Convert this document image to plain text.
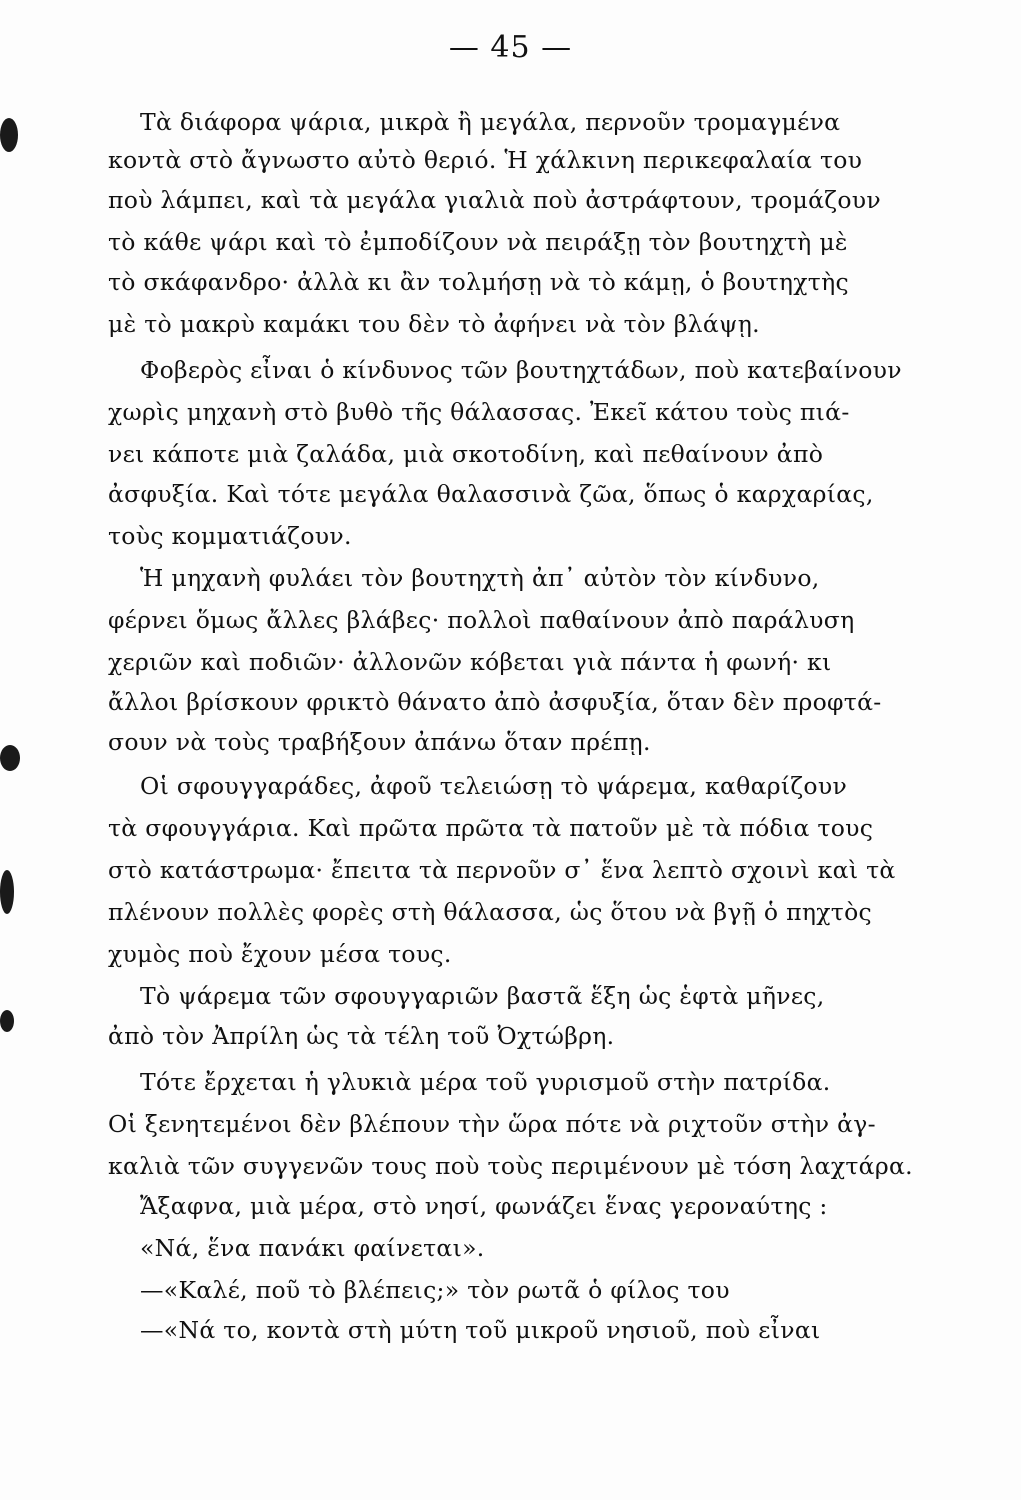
— 45 —
Τὰ διάφορα ψάρια, μικρὰ ἢ μεγάλα, περνοῦν τρομαγμένα
κοντὰ στὸ ἄγνωστο αὐτὸ θεριό. Ἡ χάλκινη περικεφαλαία του
ποὺ λάμπει, καὶ τὰ μεγάλα γιαλιὰ ποὺ ἀστράφτουν, τρομάζουν
τὸ κάθε ψάρι καὶ τὸ ἐμποδίζουν νὰ πειράξῃ τὸν βουτηχτὴ μὲ
τὸ σκάφανδρο· ἀλλὰ κι ἂν τολμήσῃ νὰ τὸ κάμῃ, ὁ βουτηχτὴς
μὲ τὸ μακρὺ καμάκι του δὲν τὸ ἀφήνει νὰ τὸν βλάψῃ.
Φοβερὸς εἶναι ὁ κίνδυνος τῶν βουτηχτάδων, ποὺ κατεβαίνουν
χωρὶς μηχανὴ στὸ βυθὸ τῆς θάλασσας. Ἐκεῖ κάτου τοὺς πιά-
νει κάποτε μιὰ ζαλάδα, μιὰ σκοτοδίνη, καὶ πεθαίνουν ἀπὸ
ἀσφυξία. Καὶ τότε μεγάλα θαλασσινὰ ζῶα, ὅπως ὁ καρχαρίας,
τοὺς κομματιάζουν.
Ἡ μηχανὴ φυλάει τὸν βουτηχτὴ ἀπ᾽ αὐτὸν τὸν κίνδυνο,
φέρνει ὅμως ἄλλες βλάβες· πολλοὶ παθαίνουν ἀπὸ παράλυση
χεριῶν καὶ ποδιῶν· ἀλλονῶν κόβεται γιὰ πάντα ἡ φωνή· κι
ἄλλοι βρίσκουν φρικτὸ θάνατο ἀπὸ ἀσφυξία, ὅταν δὲν προφτά-
σουν νὰ τοὺς τραβήξουν ἀπάνω ὅταν πρέπῃ.
Οἱ σφουγγαράδες, ἀφοῦ τελειώσῃ τὸ ψάρεμα, καθαρίζουν
τὰ σφουγγάρια. Καὶ πρῶτα πρῶτα τὰ πατοῦν μὲ τὰ πόδια τους
στὸ κατάστρωμα· ἔπειτα τὰ περνοῦν σ᾽ ἕνα λεπτὸ σχοινὶ καὶ τὰ
πλένουν πολλὲς φορὲς στὴ θάλασσα, ὡς ὅτου νὰ βγῇ ὁ πηχτὸς
χυμὸς ποὺ ἔχουν μέσα τους.
Τὸ ψάρεμα τῶν σφουγγαριῶν βαστᾶ ἕξη ὡς ἑφτὰ μῆνες,
ἀπὸ τὸν Ἀπρίλη ὡς τὰ τέλη τοῦ Ὀχτώβρη.
Τότε ἔρχεται ἡ γλυκιὰ μέρα τοῦ γυρισμοῦ στὴν πατρίδα.
Οἱ ξενητεμένοι δὲν βλέπουν τὴν ὥρα πότε νὰ ριχτοῦν στὴν ἀγ-
καλιὰ τῶν συγγενῶν τους ποὺ τοὺς περιμένουν μὲ τόση λαχτάρα.
Ἄξαφνα, μιὰ μέρα, στὸ νησί, φωνάζει ἕνας γεροναύτης :
«Νά, ἕνα πανάκι φαίνεται».
—«Καλέ, ποῦ τὸ βλέπεις;» τὸν ρωτᾶ ὁ φίλος του
—«Νά το, κοντὰ στὴ μύτη τοῦ μικροῦ νησιοῦ, ποὺ εἶναι
